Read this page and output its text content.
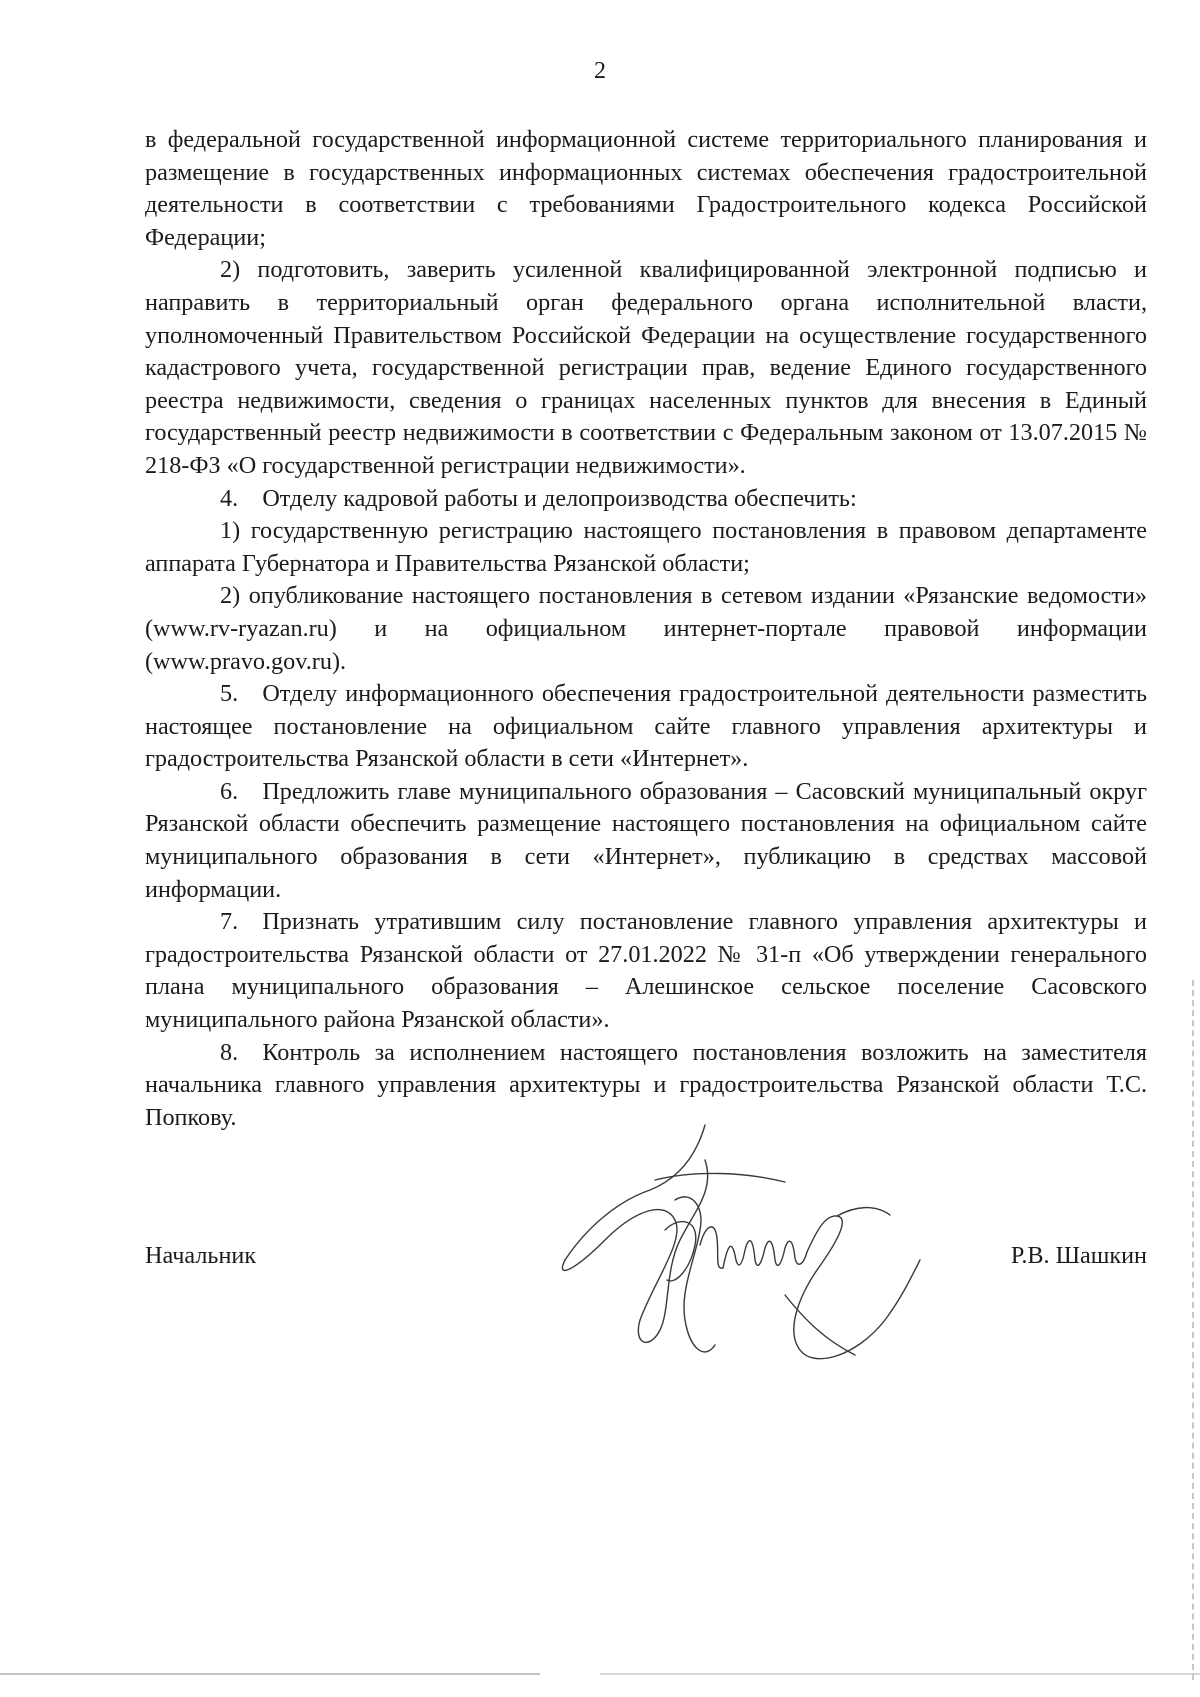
2

в федеральной государственной информационной системе территориального планирования и размещение в государственных информационных системах обеспечения градостроительной деятельности в соответствии с требованиями Градостроительного кодекса Российской Федерации;

2) подготовить, заверить усиленной квалифицированной электронной подписью и направить в территориальный орган федерального органа исполнительной власти, уполномоченный Правительством Российской Федерации на осуществление государственного кадастрового учета, государственной регистрации прав, ведение Единого государственного реестра недвижимости, сведения о границах населенных пунктов для внесения в Единый государственный реестр недвижимости в соответствии с Федеральным законом от 13.07.2015 № 218-ФЗ «О государственной регистрации недвижимости».

4. Отделу кадровой работы и делопроизводства обеспечить:

1) государственную регистрацию настоящего постановления в правовом департаменте аппарата Губернатора и Правительства Рязанской области;

2) опубликование настоящего постановления в сетевом издании «Рязанские ведомости» (www.rv-ryazan.ru) и на официальном интернет-портале правовой информации (www.pravo.gov.ru).

5. Отделу информационного обеспечения градостроительной деятельности разместить настоящее постановление на официальном сайте главного управления архитектуры и градостроительства Рязанской области в сети «Интернет».

6. Предложить главе муниципального образования – Сасовский муниципальный округ Рязанской области обеспечить размещение настоящего постановления на официальном сайте муниципального образования в сети «Интернет», публикацию в средствах массовой информации.

7. Признать утратившим силу постановление главного управления архитектуры и градостроительства Рязанской области от 27.01.2022 № 31-п «Об утверждении генерального плана муниципального образования – Алешинское сельское поселение Сасовского муниципального района Рязанской области».

8. Контроль за исполнением настоящего постановления возложить на заместителя начальника главного управления архитектуры и градостроительства Рязанской области Т.С. Попкову.

Начальник	Р.В. Шашкин
